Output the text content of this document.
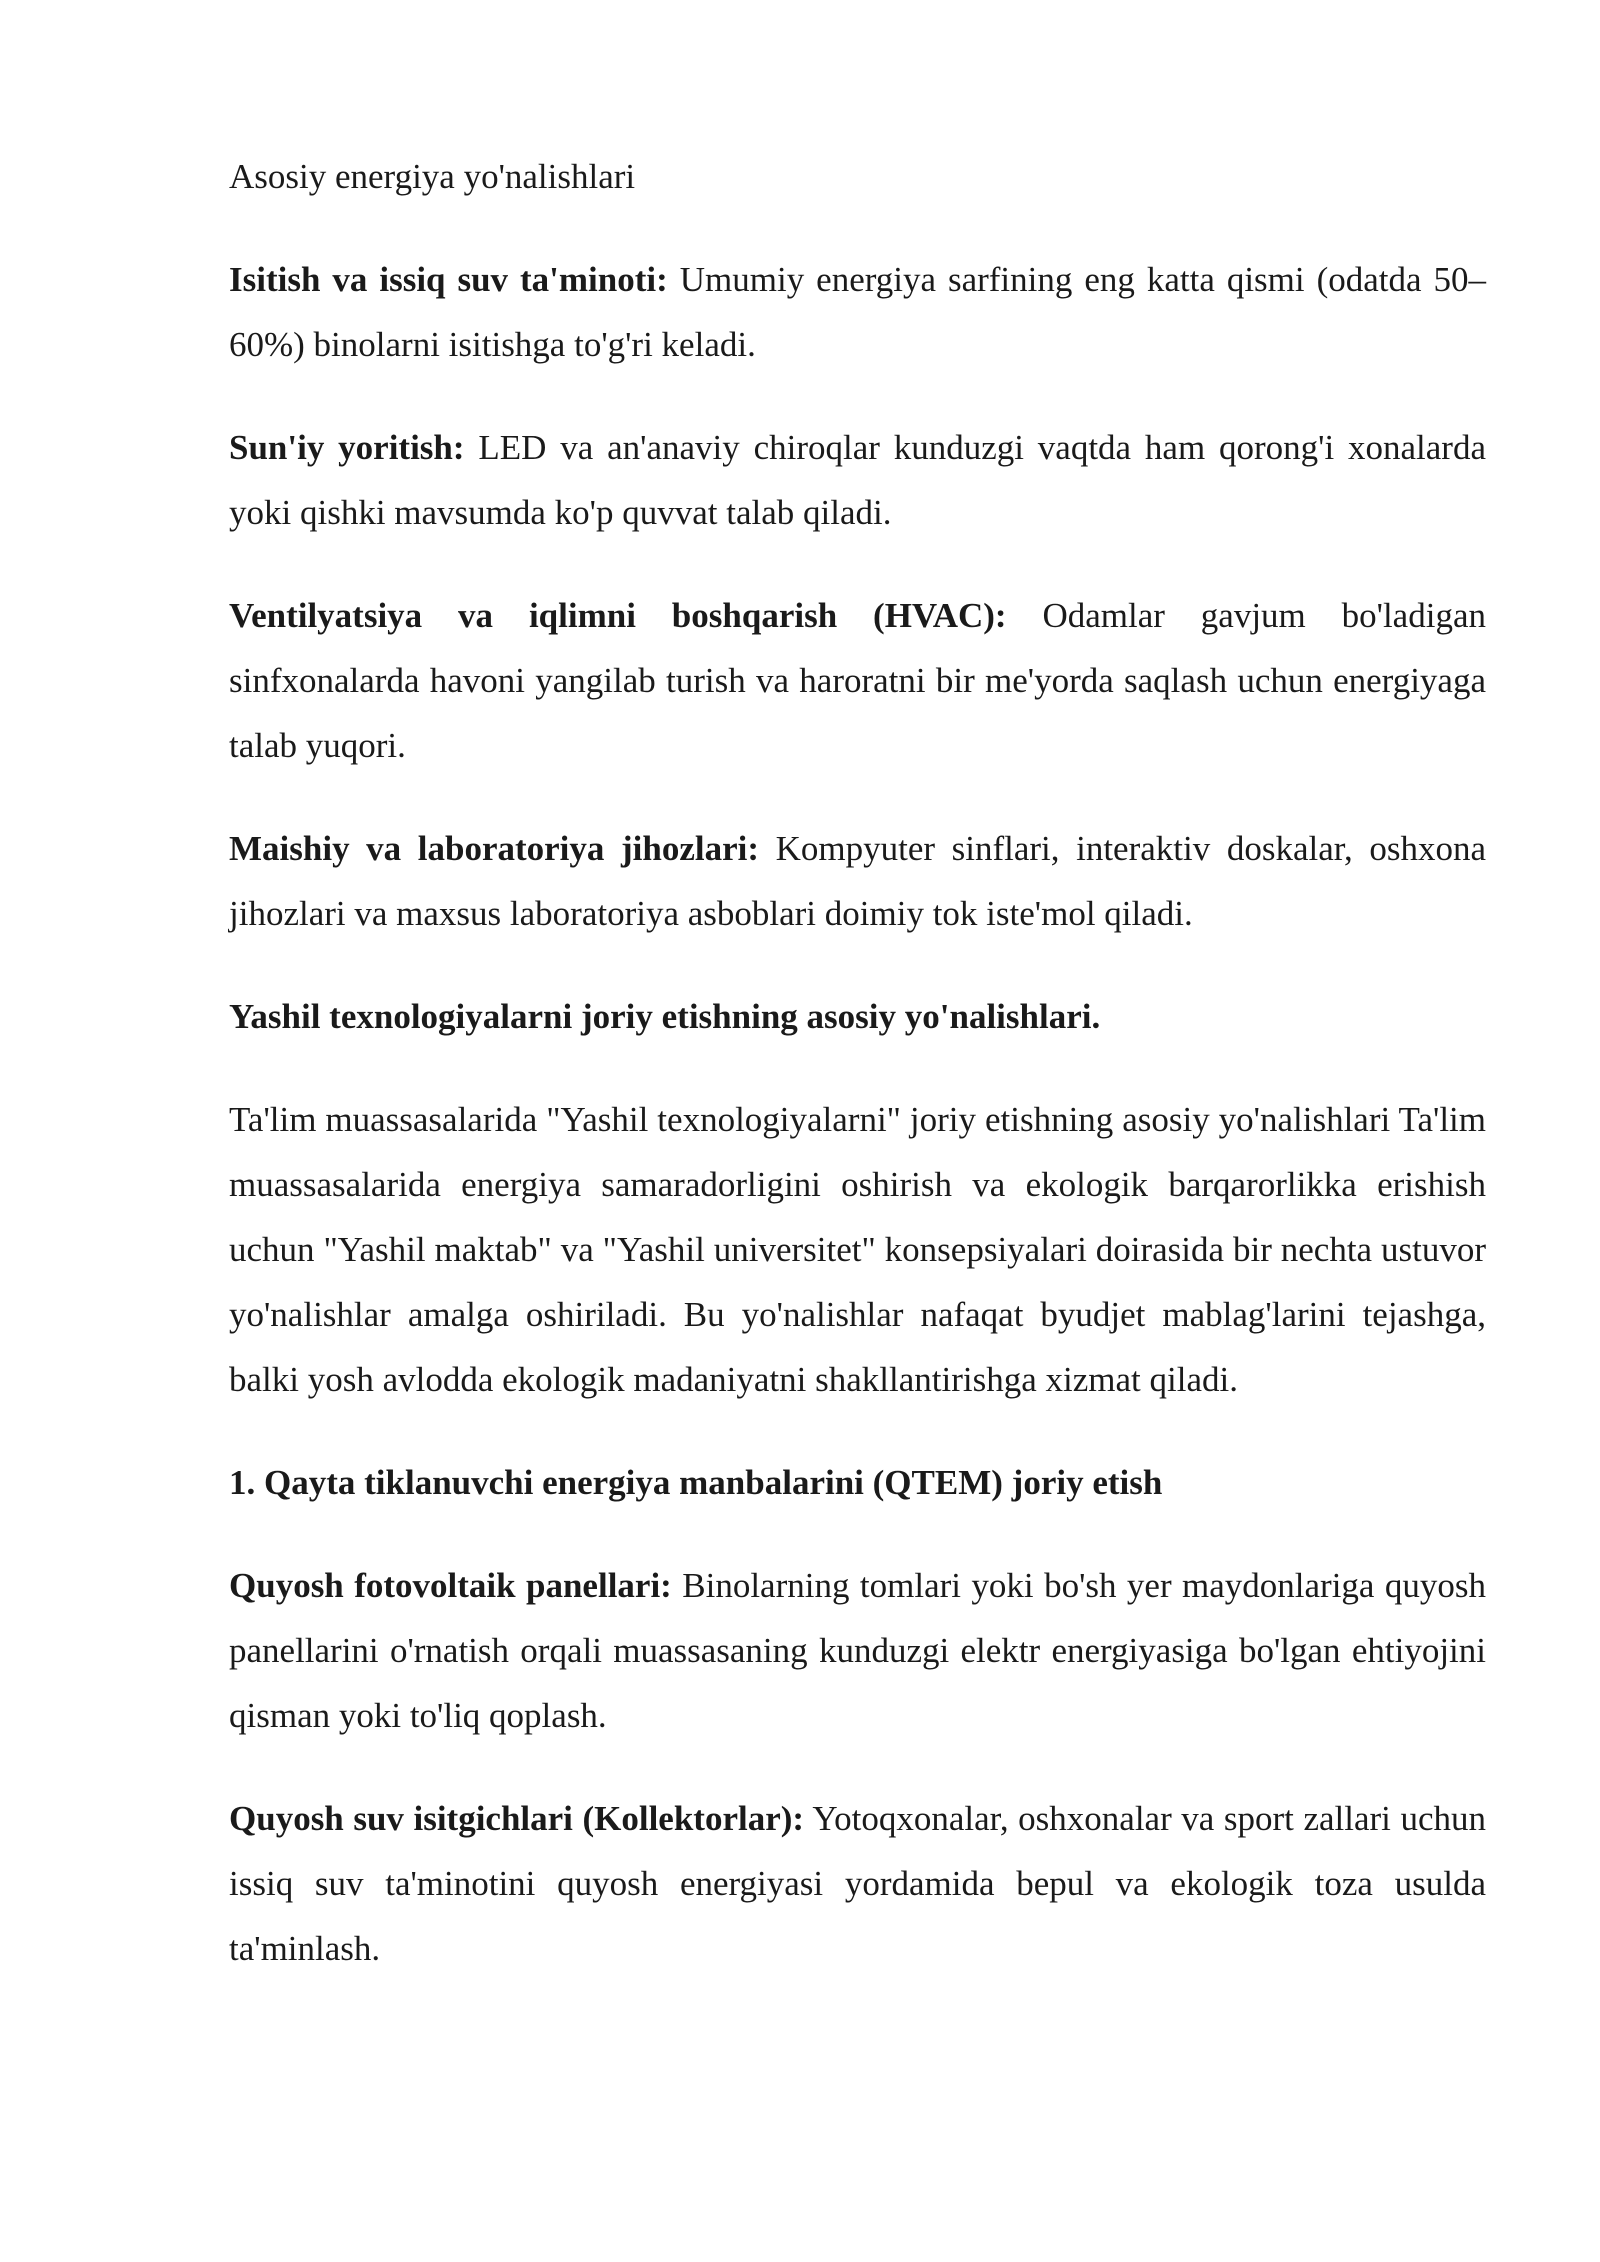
Asosiy energiya yo'nalishlari

Isitish va issiq suv ta'minoti: Umumiy energiya sarfining eng katta qismi (odatda 50–60%) binolarni isitishga to'g'ri keladi.

Sun'iy yoritish: LED va an'anaviy chiroqlar kunduzgi vaqtda ham qorong'i xonalarda yoki qishki mavsumda ko'p quvvat talab qiladi.

Ventilyatsiya va iqlimni boshqarish (HVAC): Odamlar gavjum bo'ladigan sinfxonalarda havoni yangilab turish va haroratni bir me'yorda saqlash uchun energiyaga talab yuqori.

Maishiy va laboratoriya jihozlari: Kompyuter sinflari, interaktiv doskalar, oshxona jihozlari va maxsus laboratoriya asboblari doimiy tok iste'mol qiladi.

Yashil texnologiyalarni joriy etishning asosiy yo'nalishlari.

Ta'lim muassasalarida "Yashil texnologiyalarni" joriy etishning asosiy yo'nalishlari Ta'lim muassasalarida energiya samaradorligini oshirish va ekologik barqarorlikka erishish uchun "Yashil maktab" va "Yashil universitet" konsepsiyalari doirasida bir nechta ustuvor yo'nalishlar amalga oshiriladi. Bu yo'nalishlar nafaqat byudjet mablag'larini tejashga, balki yosh avlodda ekologik madaniyatni shakllantirishga xizmat qiladi.

1. Qayta tiklanuvchi energiya manbalarini (QTEM) joriy etish

Quyosh fotovoltaik panellari: Binolarning tomlari yoki bo'sh yer maydonlariga quyosh panellarini o'rnatish orqali muassasaning kunduzgi elektr energiyasiga bo'lgan ehtiyojini qisman yoki to'liq qoplash.

Quyosh suv isitgichlari (Kollektorlar): Yotoqxonalar, oshxonalar va sport zallari uchun issiq suv ta'minotini quyosh energiyasi yordamida bepul va ekologik toza usulda ta'minlash.
